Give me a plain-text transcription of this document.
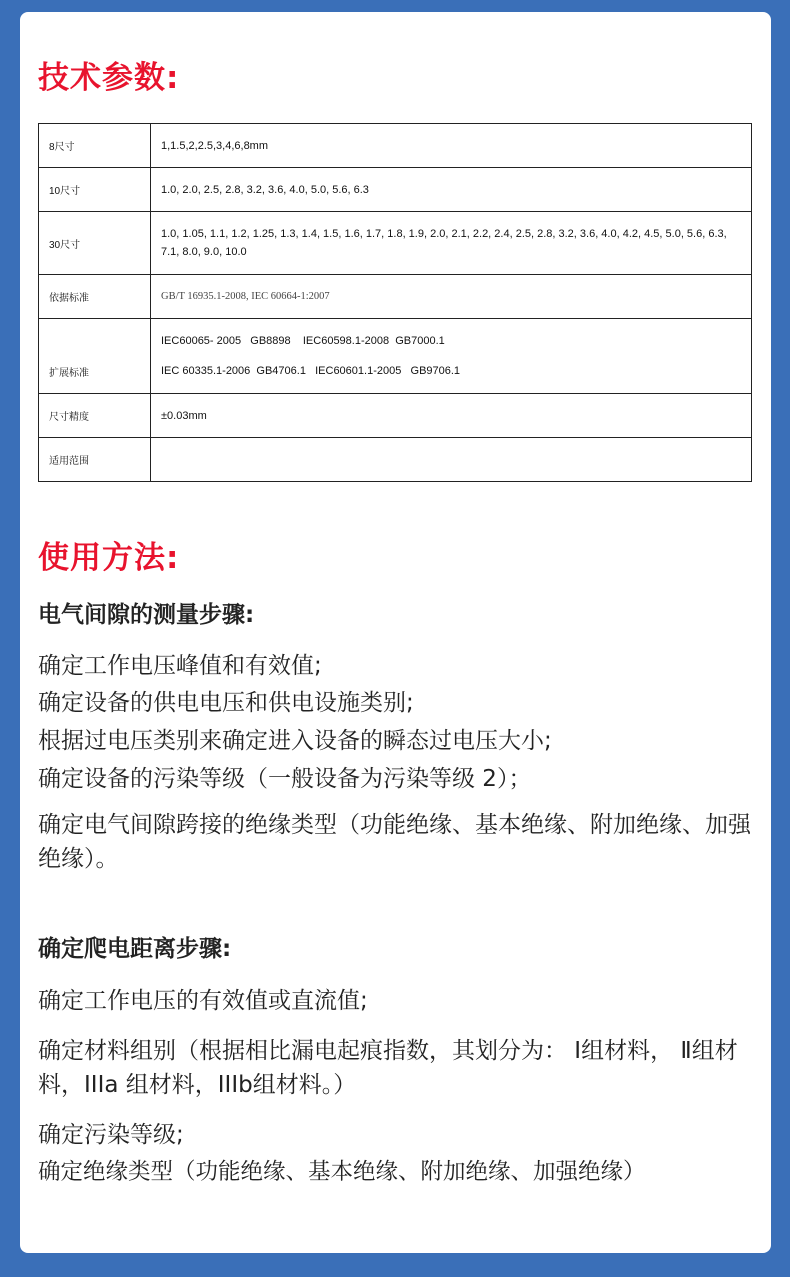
技术参数:
8尺寸	1,1.5,2,2.5,3,4,6,8mm
10尺寸	1.0, 2.0, 2.5, 2.8, 3.2, 3.6, 4.0, 5.0, 5.6, 6.3
30尺寸	1.0, 1.05, 1.1, 1.2, 1.25, 1.3, 1.4, 1.5, 1.6, 1.7, 1.8, 1.9, 2.0, 2.1, 2.2, 2.4, 2.5, 2.8, 3.2, 3.6, 4.0, 4.2, 4.5, 5.0, 5.6, 6.3, 7.1, 8.0, 9.0, 10.0
依据标准	GB/T 16935.1-2008, IEC 60664-1:2007
扩展标准	IEC60065- 2005   GB8898    IEC60598.1-2008  GB7000.1
IEC 60335.1-2006  GB4706.1   IEC60601.1-2005   GB9706.1

尺寸精度	±0.03mm
适用范围	
使用方法:
电气间隙的测量步骤:
确定工作电压峰值和有效值;
确定设备的供电电压和供电设施类别;
根据过电压类别来确定进入设备的瞬态过电压大小;
确定设备的污染等级（一般设备为污染等级 2）；
确定电气间隙跨接的绝缘类型（功能绝缘、基本绝缘、附加绝缘、加强绝缘）。
确定爬电距离步骤:
确定工作电压的有效值或直流值;
确定材料组别（根据相比漏电起痕指数，其划分为： Ⅰ组材料， Ⅱ组材料，IIIa 组材料，IIIb组材料。）
确定污染等级;
确定绝缘类型（功能绝缘、基本绝缘、附加绝缘、加强绝缘）
